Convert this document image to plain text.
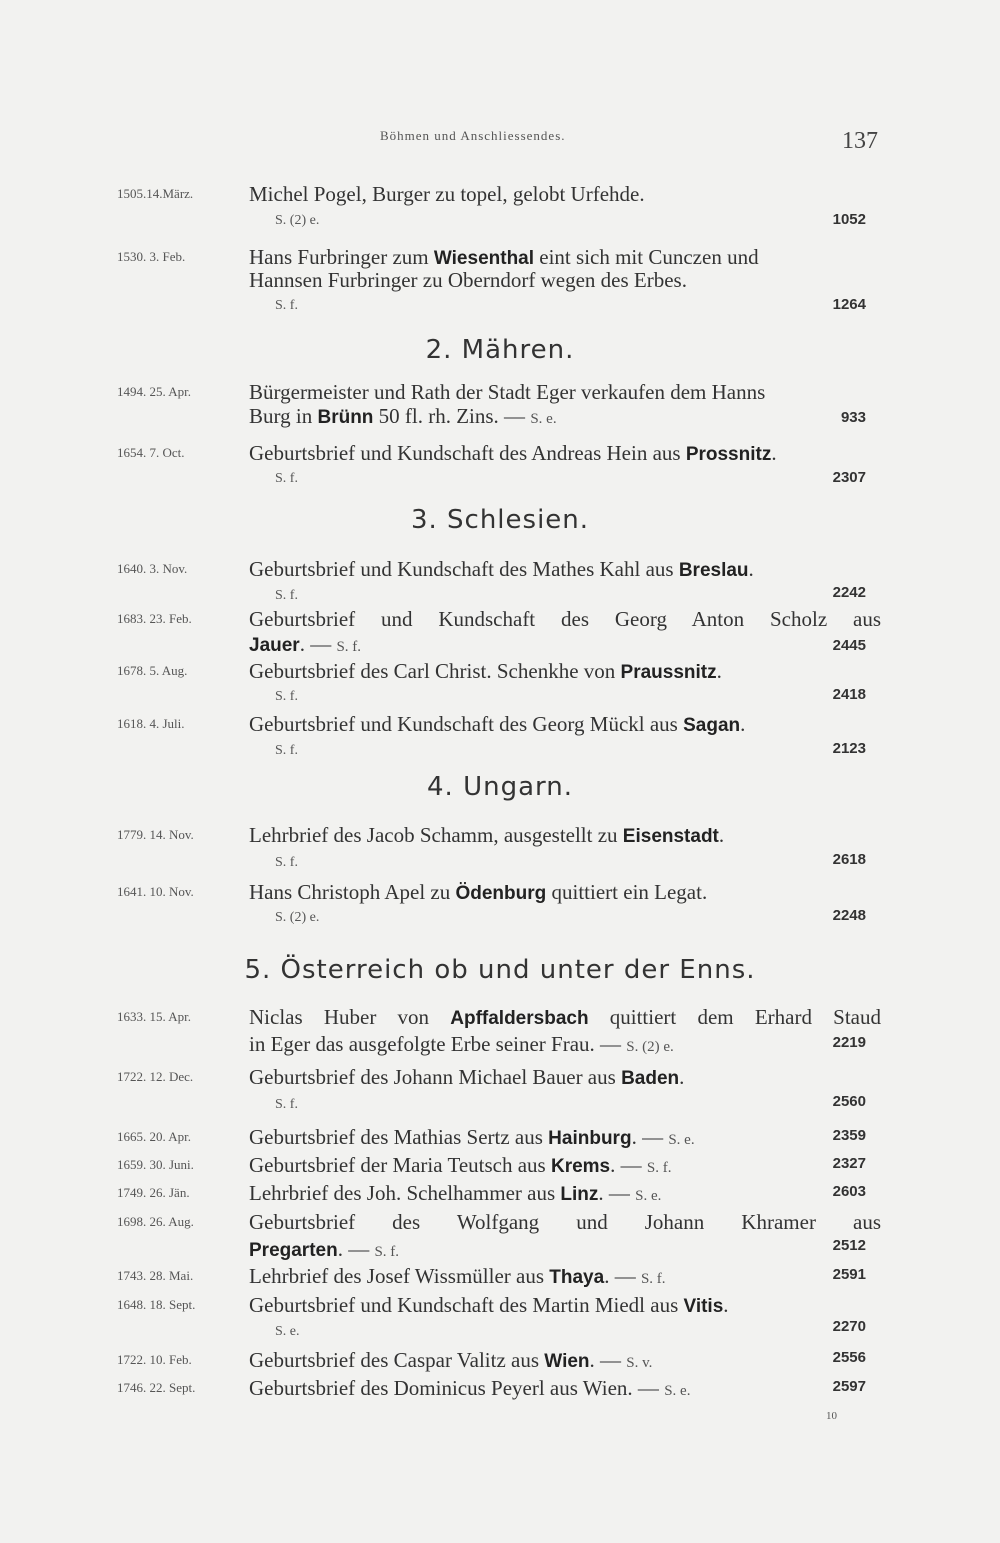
Böhmen und Anschliessendes.	137
1505.14.März.	Michel Pogel, Burger zu topel, gelobt Urfehde.
S. (2) e.	1052
1530. 3. Feb.	Hans Furbringer zum Wiesenthal eint sich mit Cunczen und
Hannsen Furbringer zu Oberndorf wegen des Erbes.
S. f.	1264
2. Mähren.
1494. 25. Apr.	Bürgermeister und Rath der Stadt Eger verkaufen dem Hanns
Burg in Brünn 50 fl. rh. Zins. — S. e.	933
1654. 7. Oct.	Geburtsbrief und Kundschaft des Andreas Hein aus Prossnitz.
S. f.	2307
3. Schlesien.
1640. 3. Nov.	Geburtsbrief und Kundschaft des Mathes Kahl aus Breslau.
S. f.	2242
1683. 23. Feb.	Geburtsbrief und Kundschaft des Georg Anton Scholz aus
Jauer. — S. f.	2445
1678. 5. Aug.	Geburtsbrief des Carl Christ. Schenkhe von Praussnitz.
S. f.	2418
1618. 4. Juli.	Geburtsbrief und Kundschaft des Georg Mückl aus Sagan.
S. f.	2123
4. Ungarn.
1779. 14. Nov.	Lehrbrief des Jacob Schamm, ausgestellt zu Eisenstadt.
S. f.	2618
1641. 10. Nov.	Hans Christoph Apel zu Ödenburg quittiert ein Legat.
S. (2) e.	2248
5. Österreich ob und unter der Enns.
1633. 15. Apr.	Niclas Huber von Apffaldersbach quittiert dem Erhard Staud
in Eger das ausgefolgte Erbe seiner Frau. — S. (2) e.	2219
1722. 12. Dec.	Geburtsbrief des Johann Michael Bauer aus Baden.
S. f.	2560
1665. 20. Apr.	Geburtsbrief des Mathias Sertz aus Hainburg. — S. e.	2359
1659. 30. Juni.	Geburtsbrief der Maria Teutsch aus Krems. — S. f.	2327
1749. 26. Jän.	Lehrbrief des Joh. Schelhammer aus Linz. — S. e.	2603
1698. 26. Aug.	Geburtsbrief des Wolfgang und Johann Khramer aus
Pregarten. — S. f.	2512
1743. 28. Mai.	Lehrbrief des Josef Wissmüller aus Thaya. — S. f.	2591
1648. 18. Sept.	Geburtsbrief und Kundschaft des Martin Miedl aus Vitis.
S. e.	2270
1722. 10. Feb.	Geburtsbrief des Caspar Valitz aus Wien. — S. v.	2556
1746. 22. Sept.	Geburtsbrief des Dominicus Peyerl aus Wien. — S. e.	2597
10
